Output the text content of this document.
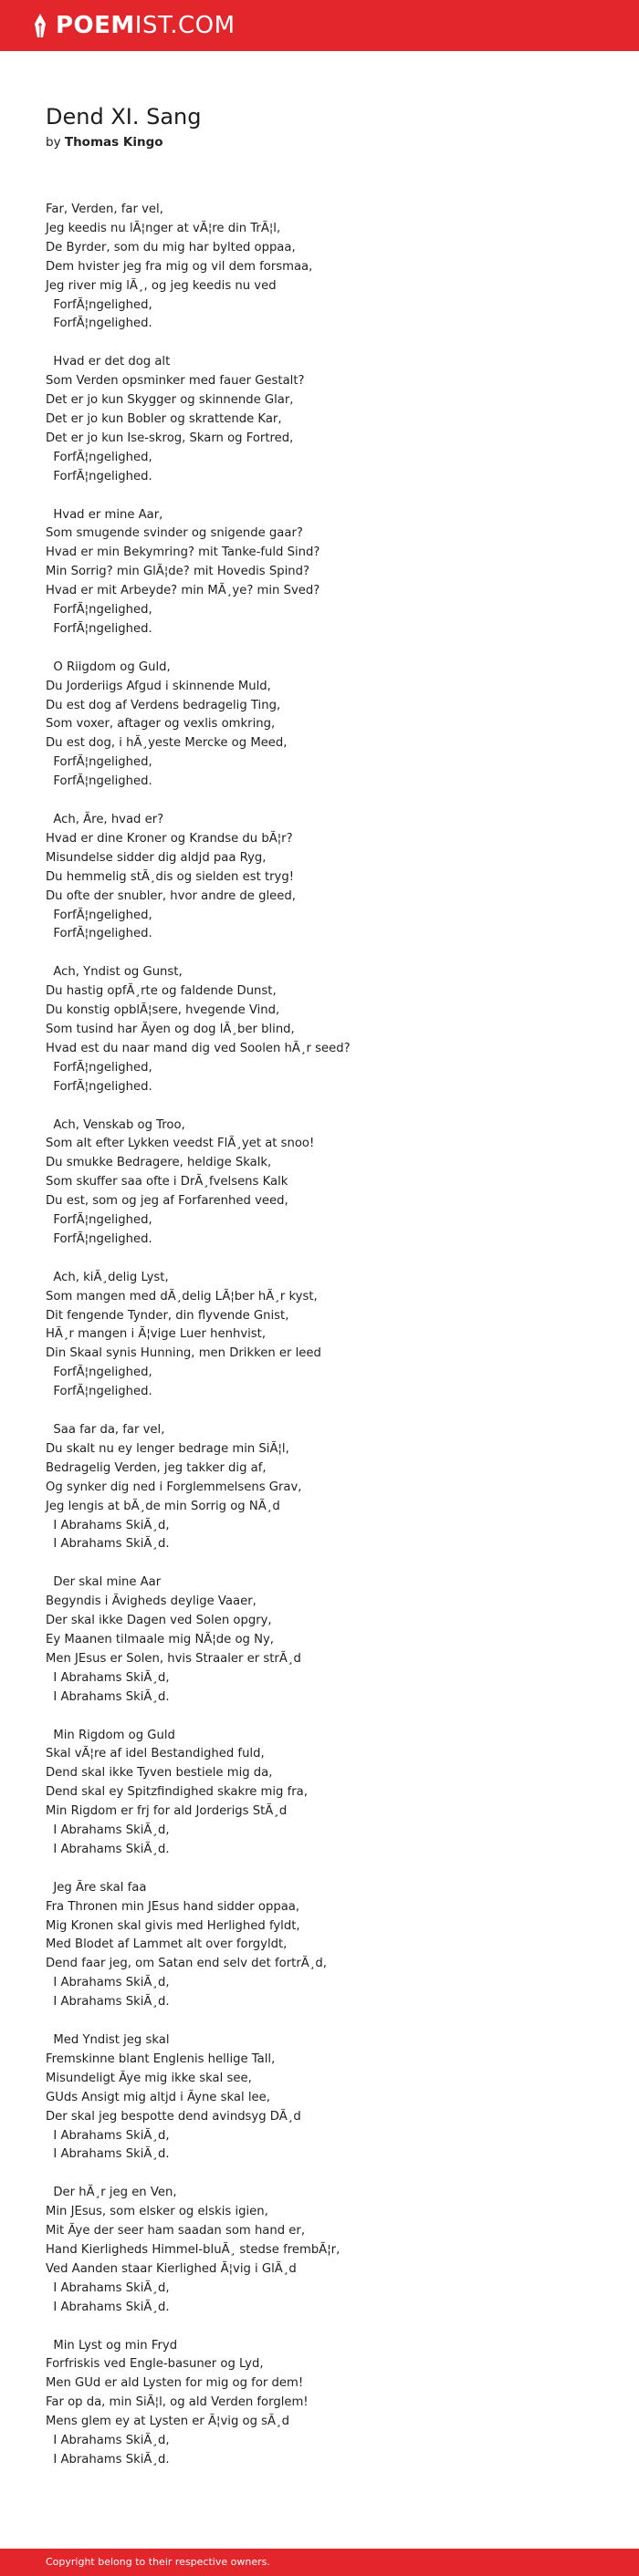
POEMIST.COM
Dend XI. Sang
by Thomas Kingo
Far, Verden, far vel,
Jeg keedis nu lÃ¦nger at vÃ¦re din TrÃ¦l,
De Byrder, som du mig har bylted oppaa,
Dem hvister jeg fra mig og vil dem forsmaa,
Jeg river mig lÃ¸, og jeg keedis nu ved
ForfÃ¦ngelighed,
ForfÃ¦ngelighed.

Hvad er det dog alt
Som Verden opsminker med fauer Gestalt?
Det er jo kun Skygger og skinnende Glar,
Det er jo kun Bobler og skrattende Kar,
Det er jo kun Ise-skrog, Skarn og Fortred,
ForfÃ¦ngelighed,
ForfÃ¦ngelighed.

Hvad er mine Aar,
Som smugende svinder og snigende gaar?
Hvad er min Bekymring? mit Tanke-fuld Sind?
Min Sorrig? min GlÃ¦de? mit Hovedis Spind?
Hvad er mit Arbeyde? min MÃ¸ye? min Sved?
ForfÃ¦ngelighed,
ForfÃ¦ngelighed.

O Riigdom og Guld,
Du Jorderiigs Afgud i skinnende Muld,
Du est dog af Verdens bedragelig Ting,
Som voxer, aftager og vexlis omkring,
Du est dog, i hÃ¸yeste Mercke og Meed,
ForfÃ¦ngelighed,
ForfÃ¦ngelighed.

Ach, Ãre, hvad er?
Hvad er dine Kroner og Krandse du bÃ¦r?
Misundelse sidder dig aldjd paa Ryg,
Du hemmelig stÃ¸dis og sielden est tryg!
Du ofte der snubler, hvor andre de gleed,
ForfÃ¦ngelighed,
ForfÃ¦ngelighed.

Ach, Yndist og Gunst,
Du hastig opfÃ¸rte og faldende Dunst,
Du konstig opblÃ¦sere, hvegende Vind,
Som tusind har Ãyen og dog lÃ¸ber blind,
Hvad est du naar mand dig ved Soolen hÃ¸r seed?
ForfÃ¦ngelighed,
ForfÃ¦ngelighed.

Ach, Venskab og Troo,
Som alt efter Lykken veedst FlÃ¸yet at snoo!
Du smukke Bedragere, heldige Skalk,
Som skuffer saa ofte i DrÃ¸fvelsens Kalk
Du est, som og jeg af Forfarenhed veed,
ForfÃ¦ngelighed,
ForfÃ¦ngelighed.

Ach, kiÃ¸delig Lyst,
Som mangen med dÃ¸delig LÃ¦ber hÃ¸r kyst,
Dit fengende Tynder, din flyvende Gnist,
HÃ¸r mangen i Ã¦vige Luer henhvist,
Din Skaal synis Hunning, men Drikken er leed
ForfÃ¦ngelighed,
ForfÃ¦ngelighed.

Saa far da, far vel,
Du skalt nu ey lenger bedrage min SiÃ¦l,
Bedragelig Verden, jeg takker dig af,
Og synker dig ned i Forglemmelsens Grav,
Jeg lengis at bÃ¸de min Sorrig og NÃ¸d
I Abrahams SkiÃ¸d,
I Abrahams SkiÃ¸d.

Der skal mine Aar
Begyndis i Ãvigheds deylige Vaaer,
Der skal ikke Dagen ved Solen opgry,
Ey Maanen tilmaale mig NÃ¦de og Ny,
Men JEsus er Solen, hvis Straaler er strÃ¸d
I Abrahams SkiÃ¸d,
I Abrahams SkiÃ¸d.

Min Rigdom og Guld
Skal vÃ¦re af idel Bestandighed fuld,
Dend skal ikke Tyven bestiele mig da,
Dend skal ey Spitzfindighed skakre mig fra,
Min Rigdom er frj for ald Jorderigs StÃ¸d
I Abrahams SkiÃ¸d,
I Abrahams SkiÃ¸d.

Jeg Ãre skal faa
Fra Thronen min JEsus hand sidder oppaa,
Mig Kronen skal givis med Herlighed fyldt,
Med Blodet af Lammet alt over forgyldt,
Dend faar jeg, om Satan end selv det fortrÃ¸d,
I Abrahams SkiÃ¸d,
I Abrahams SkiÃ¸d.

Med Yndist jeg skal
Fremskinne blant Englenis hellige Tall,
Misundeligt Ãye mig ikke skal see,
GUds Ansigt mig altjd i Ãyne skal lee,
Der skal jeg bespotte dend avindsyg DÃ¸d
I Abrahams SkiÃ¸d,
I Abrahams SkiÃ¸d.

Der hÃ¸r jeg en Ven,
Min JEsus, som elsker og elskis igien,
Mit Ãye der seer ham saadan som hand er,
Hand Kierligheds Himmel-bluÃ¸ stedse frembÃ¦r,
Ved Aanden staar Kierlighed Ã¦vig i GlÃ¸d
I Abrahams SkiÃ¸d,
I Abrahams SkiÃ¸d.

Min Lyst og min Fryd
Forfriskis ved Engle-basuner og Lyd,
Men GUd er ald Lysten for mig og for dem!
Far op da, min SiÃ¦l, og ald Verden forglem!
Mens glem ey at Lysten er Ã¦vig og sÃ¸d
I Abrahams SkiÃ¸d,
I Abrahams SkiÃ¸d.
Copyright belong to their respective owners.
